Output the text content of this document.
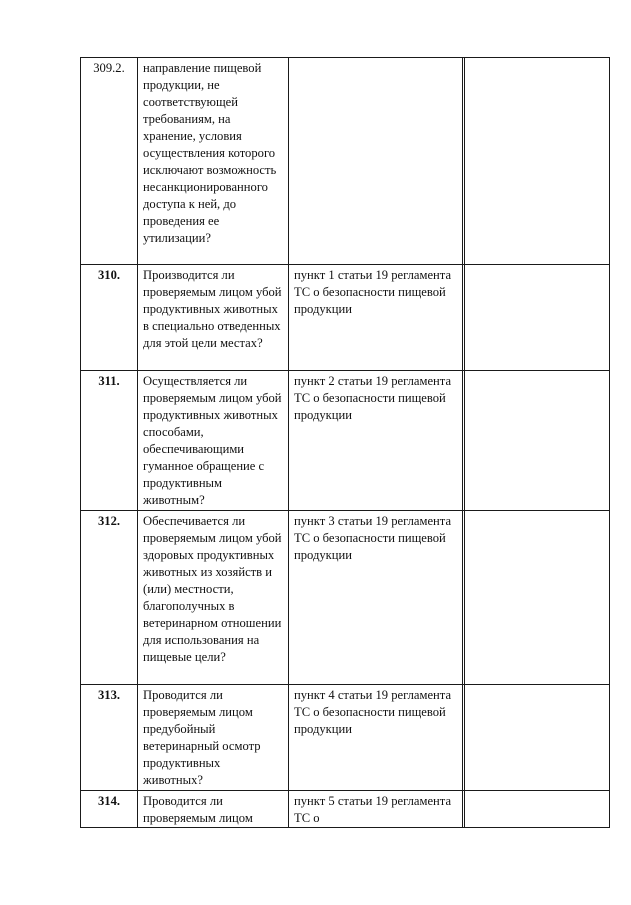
309.2.	направление пищевой продукции, не соответствующей требованиям, на хранение, условия осуществления которого исключают возможность несанкционированного доступа к ней, до проведения ее утилизации?			

310.	Производится ли проверяемым лицом убой продуктивных животных в специально отведенных для этой цели местах?	пункт 1 статьи 19 регламента ТС о безопасности пищевой продукции		

311.	Осуществляется ли проверяемым лицом убой продуктивных животных способами, обеспечивающими гуманное обращение с продуктивным животным?	пункт 2 статьи 19 регламента ТС о безопасности пищевой продукции		

312.	Обеспечивается ли проверяемым лицом убой здоровых продуктивных животных из хозяйств и (или) местности, благополучных в ветеринарном отношении для использования на пищевые цели?	пункт 3 статьи 19 регламента ТС о безопасности пищевой продукции		

313.	Проводится ли проверяемым лицом предубойный ветеринарный осмотр продуктивных животных?	пункт 4 статьи 19 регламента ТС о безопасности пищевой продукции		

314.	Проводится ли проверяемым лицом	пункт 5 статьи 19 регламента ТС о		
